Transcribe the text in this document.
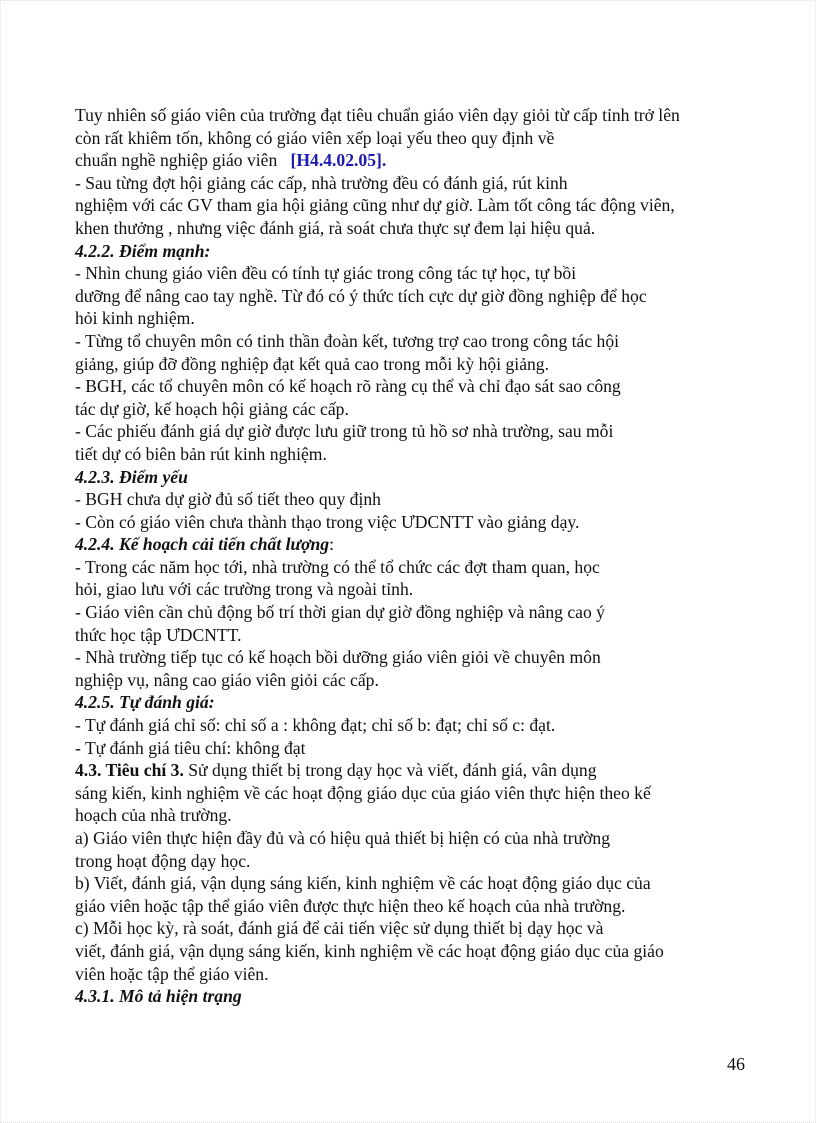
Tuy nhiên số giáo viên của trường đạt tiêu chuẩn giáo viên dạy giỏi từ cấp tỉnh trở lên
còn rất khiêm tốn, không có giáo viên xếp loại yếu theo quy định về
chuẩn nghề nghiệp giáo viên [H4.4.02.05].
- Sau từng đợt hội giảng các cấp, nhà trường đều có đánh giá, rút kinh
nghiệm với các GV tham gia hội giảng cũng như dự giờ. Làm tốt công tác động viên,
khen thưởng , nhưng việc đánh giá, rà soát chưa thực sự đem lại hiệu quả.
4.2.2. Điểm mạnh:
- Nhìn chung giáo viên đều có tính tự giác trong công tác tự học, tự bồi
dưỡng để nâng cao tay nghề. Từ đó có ý thức tích cực dự giờ đồng nghiệp để học
hỏi kinh nghiệm.
- Từng tổ chuyên môn có tinh thần đoàn kết, tương trợ cao trong công tác hội
giảng, giúp đỡ đồng nghiệp đạt kết quả cao trong mỗi kỳ hội giảng.
- BGH, các tổ chuyên môn có kế hoạch rõ ràng cụ thể và chỉ đạo sát sao công
tác dự giờ, kế hoạch hội giảng các cấp.
- Các phiếu đánh giá dự giờ được lưu giữ trong tủ hồ sơ nhà trường, sau mỗi
tiết dự có biên bản rút kinh nghiệm.
4.2.3. Điểm yếu
- BGH chưa dự giờ đủ số tiết theo quy định
- Còn có giáo viên chưa thành thạo trong việc ƯDCNTT vào giảng dạy.
4.2.4. Kế hoạch cải tiến chất lượng:
- Trong các năm học tới, nhà trường có thể tổ chức các đợt tham quan, học
hỏi, giao lưu với các trường trong và ngoài tỉnh.
- Giáo viên cần chủ động bố trí thời gian dự giờ đồng nghiệp và nâng cao ý
thức học tập ƯDCNTT.
- Nhà trường tiếp tục có kế hoạch bồi dưỡng giáo viên giỏi về chuyên môn
nghiệp vụ, nâng cao giáo viên giỏi các cấp.
4.2.5. Tự đánh giá:
- Tự đánh giá chỉ số: chỉ số a : không đạt; chỉ số b: đạt; chỉ số c: đạt.
- Tự đánh giá tiêu chí: không đạt
4.3. Tiêu chí 3. Sử dụng thiết bị trong dạy học và viết, đánh giá, vân dụng
sáng kiến, kinh nghiệm về các hoạt động giáo dục của giáo viên thực hiện theo kế
hoạch của nhà trường.
a) Giáo viên thực hiện đầy đủ và có hiệu quả thiết bị hiện có của nhà trường
trong hoạt động dạy học.
b) Viết, đánh giá, vận dụng sáng kiến, kinh nghiệm về các hoạt động giáo dục của
giáo viên hoặc tập thể giáo viên được thực hiện theo kế hoạch của nhà trường.
c) Mỗi học kỳ, rà soát, đánh giá để cải tiến việc sử dụng thiết bị dạy học và
viết, đánh giá, vận dụng sáng kiến, kinh nghiệm về các hoạt động giáo dục của giáo
viên hoặc tập thể giáo viên.
4.3.1. Mô tả hiện trạng
46
